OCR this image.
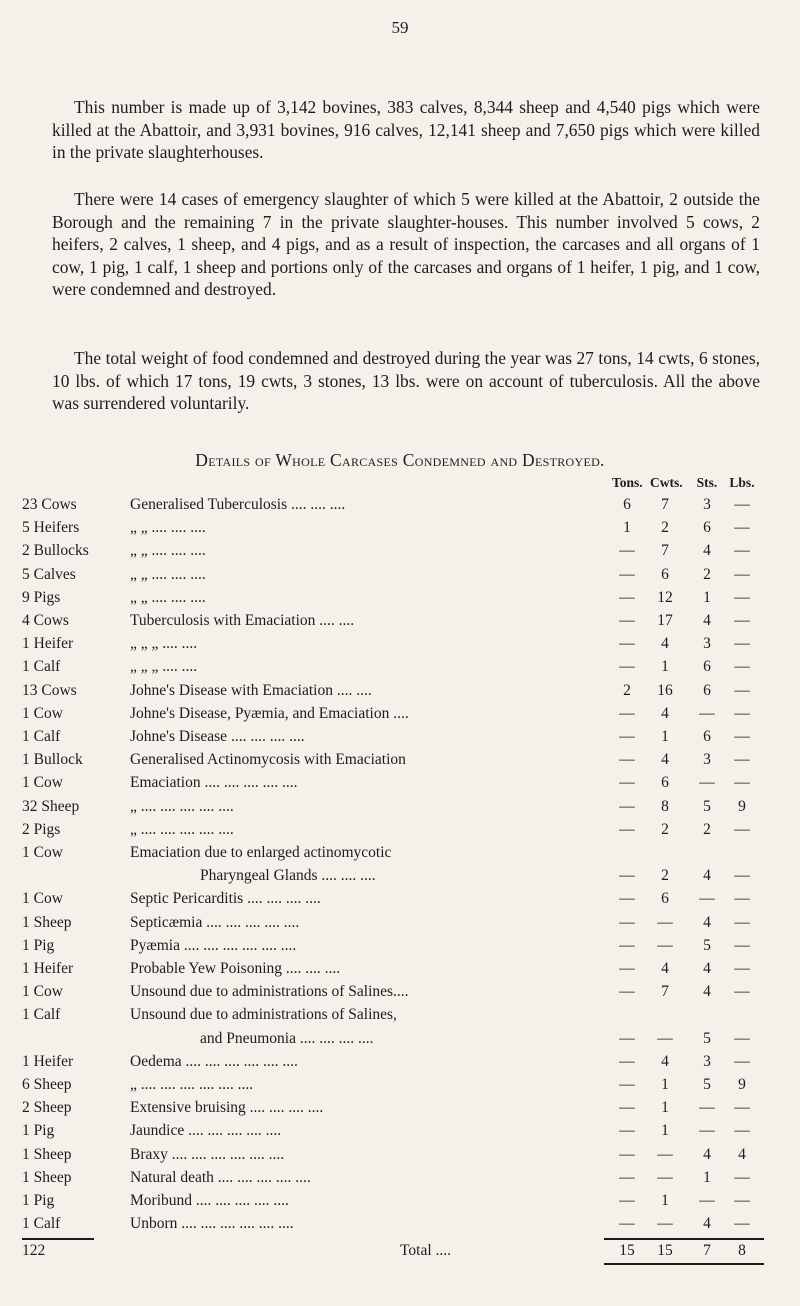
59

This number is made up of 3,142 bovines, 383 calves, 8,344 sheep and 4,540 pigs which were killed at the Abattoir, and 3,931 bovines, 916 calves, 12,141 sheep and 7,650 pigs which were killed in the private slaughterhouses.

There were 14 cases of emergency slaughter of which 5 were killed at the Abattoir, 2 outside the Borough and the remaining 7 in the private slaughter-houses. This number involved 5 cows, 2 heifers, 2 calves, 1 sheep, and 4 pigs, and as a result of inspection, the carcases and all organs of 1 cow, 1 pig, 1 calf, 1 sheep and portions only of the carcases and organs of 1 heifer, 1 pig, and 1 cow, were condemned and destroyed.

The total weight of food condemned and destroyed during the year was 27 tons, 14 cwts, 6 stones, 10 lbs. of which 17 tons, 19 cwts, 3 stones, 13 lbs. were on account of tuberculosis. All the above was surrendered voluntarily.

Details of Whole Carcases Condemned and Destroyed.
Tons. Cwts.	Sts. Lbs.
23 Cows	Generalised Tuberculosis .... .... ....	6	7	3	—
5 Heifers	„ „ .... .... ....	1	2	6	—
2 Bullocks	„ „ .... .... ....	—	7	4	—
5 Calves	„ „ .... .... ....	—	6	2	—
9 Pigs	„ „ .... .... ....	—	12	1	—
4 Cows	Tuberculosis with Emaciation .... ....	—	17	4	—
1 Heifer	„ „ „ .... ....	—	4	3	—
1 Calf	„ „ „ .... ....	—	1	6	—
13 Cows	Johne's Disease with Emaciation .... ....	2	16	6	—
1 Cow	Johne's Disease, Pyæmia, and Emaciation ....	—	4	—	—
1 Calf	Johne's Disease .... .... .... ....	—	1	6	—
1 Bullock	Generalised Actinomycosis with Emaciation	—	4	3	—
1 Cow	Emaciation .... .... .... .... ....	—	6	—	—
32 Sheep	„ .... .... .... .... ....	—	8	5	9
2 Pigs	„ .... .... .... .... ....	—	2	2	—
1 Cow	Emaciation due to enlarged actinomycotic
Pharyngeal Glands .... .... ....	—	2	4	—
1 Cow	Septic Pericarditis .... .... .... ....	—	6	—	—
1 Sheep	Septicæmia .... .... .... .... ....	—	—	4	—
1 Pig	Pyæmia .... .... .... .... .... ....	—	—	5	—
1 Heifer	Probable Yew Poisoning .... .... ....	—	4	4	—
1 Cow	Unsound due to administrations of Salines....	—	7	4	—
1 Calf	Unsound due to administrations of Salines,
and Pneumonia .... .... .... ....	—	—	5	—
1 Heifer	Oedema .... .... .... .... .... ....	—	4	3	—
6 Sheep	„ .... .... .... .... .... ....	—	1	5	9
2 Sheep	Extensive bruising .... .... .... ....	—	1	—	—
1 Pig	Jaundice .... .... .... .... ....	—	1	—	—
1 Sheep	Braxy .... .... .... .... .... ....	—	—	4	4
1 Sheep	Natural death .... .... .... .... ....	—	—	1	—
1 Pig	Moribund .... .... .... .... ....	—	1	—	—
1 Calf	Unborn .... .... .... .... .... ....	—	—	4	—
122	Total ....	15	15	7	8
